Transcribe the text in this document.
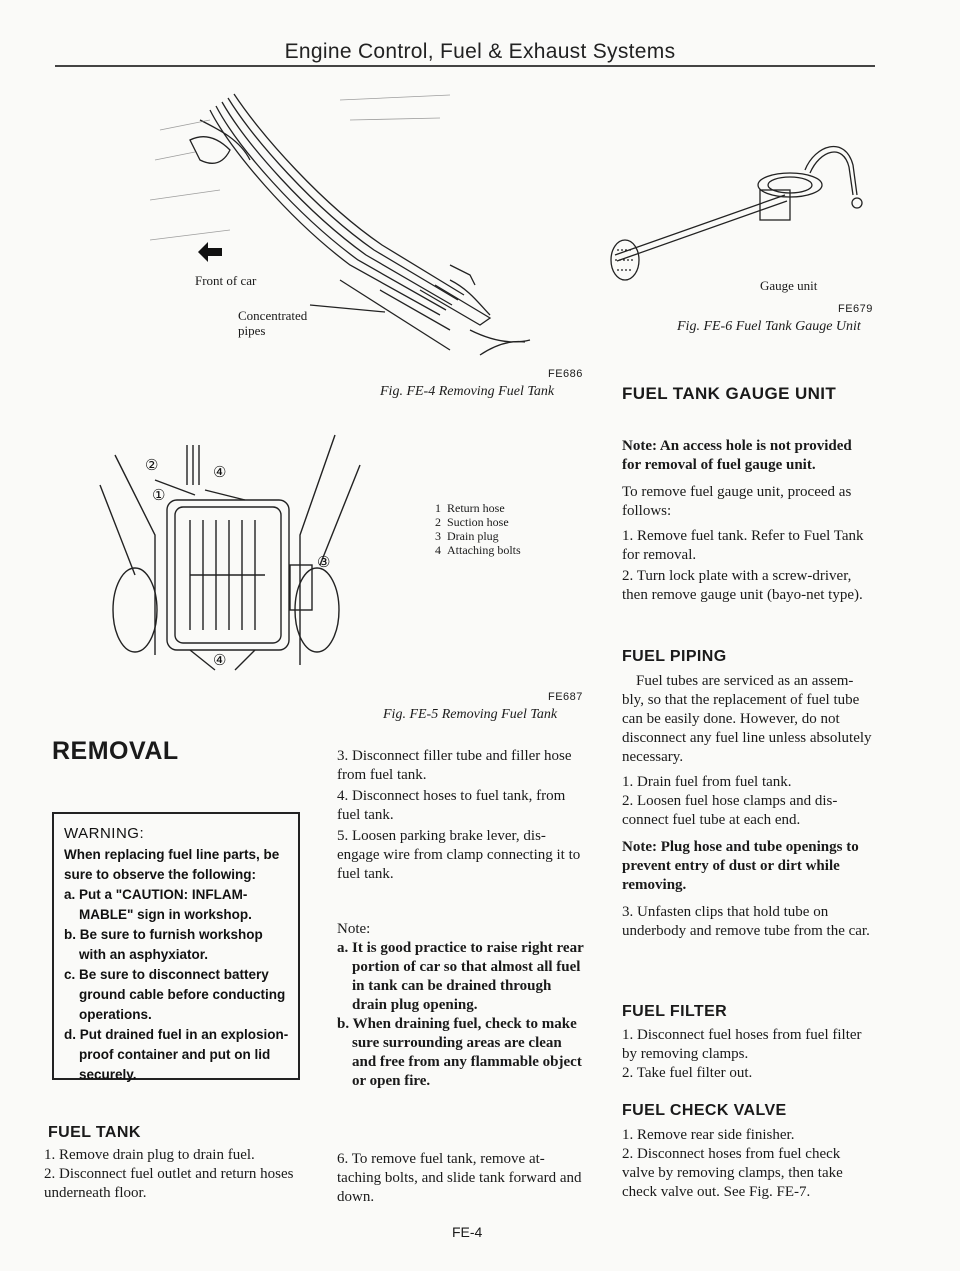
Engine Control, Fuel & Exhaust Systems
Front of car
Concentrated
pipes
FE686
Fig. FE-4 Removing Fuel Tank
②	④
①
③
④
1 Return hose
2 Suction hose
3 Drain plug
4 Attaching bolts
FE687
Fig. FE-5 Removing Fuel Tank
Gauge unit
FE679
Fig. FE-6 Fuel Tank Gauge Unit
REMOVAL
WARNING:
When replacing fuel line parts, be sure to observe the following:
a. Put a "CAUTION: INFLAM-MABLE" sign in workshop.
b. Be sure to furnish workshop with an asphyxiator.
c. Be sure to disconnect battery ground cable before conducting operations.
d. Put drained fuel in an explosion-proof container and put on lid securely.
FUEL TANK

1. Remove drain plug to drain fuel.

2. Disconnect fuel outlet and return hoses underneath floor.

3. Disconnect filler tube and filler hose from fuel tank.

4. Disconnect hoses to fuel tank, from fuel tank.

5. Loosen parking brake lever, dis-engage wire from clamp connecting it to fuel tank.

Note:

a. It is good practice to raise right rear portion of car so that almost all fuel in tank can be drained through drain plug opening.

b. When draining fuel, check to make sure surrounding areas are clean and free from any flammable object or open fire.

6. To remove fuel tank, remove at-taching bolts, and slide tank forward and down.
FE-4
FUEL TANK GAUGE UNIT
Note: An access hole is not provided for removal of fuel gauge unit.

To remove fuel gauge unit, proceed as follows:

1. Remove fuel tank. Refer to Fuel Tank for removal.

2. Turn lock plate with a screw-driver, then remove gauge unit (bayo-net type).

FUEL PIPING

Fuel tubes are serviced as an assem-bly, so that the replacement of fuel tube can be easily done. However, do not disconnect any fuel line unless absolutely necessary.

1. Drain fuel from fuel tank.

2. Loosen fuel hose clamps and dis-connect fuel tube at each end.

Note: Plug hose and tube openings to prevent entry of dust or dirt while removing.

3. Unfasten clips that hold tube on underbody and remove tube from the car.

FUEL FILTER

1. Disconnect fuel hoses from fuel filter by removing clamps.

2. Take fuel filter out.

FUEL CHECK VALVE

1. Remove rear side finisher.

2. Disconnect hoses from fuel check valve by removing clamps, then take check valve out. See Fig. FE-7.
